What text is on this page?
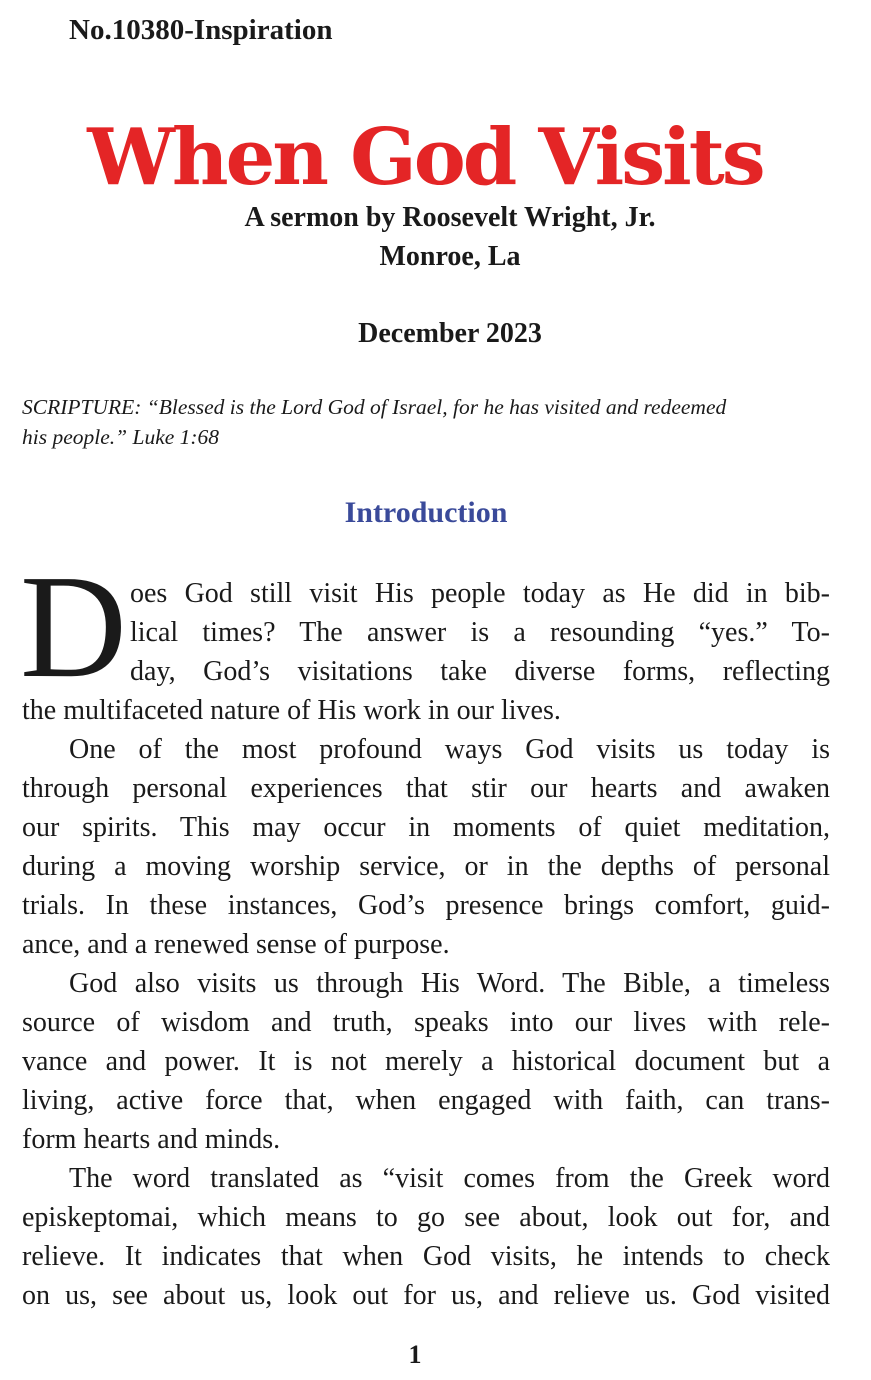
No.10380-Inspiration
When God Visits
A sermon by Roosevelt Wright, Jr.
Monroe, La
December 2023
SCRIPTURE: “Blessed is the Lord God of Israel, for he has visited and redeemed
his people.” Luke 1:68
Introduction
D oes God still visit His people today as He did in bib-
lical times? The answer is a resounding “yes.” To-
day, God’s visitations take diverse forms, reflecting
the multifaceted nature of His work in our lives.
One of the most profound ways God visits us today is
through personal experiences that stir our hearts and awaken
our spirits. This may occur in moments of quiet meditation,
during a moving worship service, or in the depths of personal
trials. In these instances, God’s presence brings comfort, guid-
ance, and a renewed sense of purpose.
God also visits us through His Word. The Bible, a timeless
source of wisdom and truth, speaks into our lives with rele-
vance and power. It is not merely a historical document but a
living, active force that, when engaged with faith, can trans-
form hearts and minds.
The word translated as “visit comes from the Greek word
episkeptomai, which means to go see about, look out for, and
relieve. It indicates that when God visits, he intends to check
on us, see about us, look out for us, and relieve us. God visited
1
